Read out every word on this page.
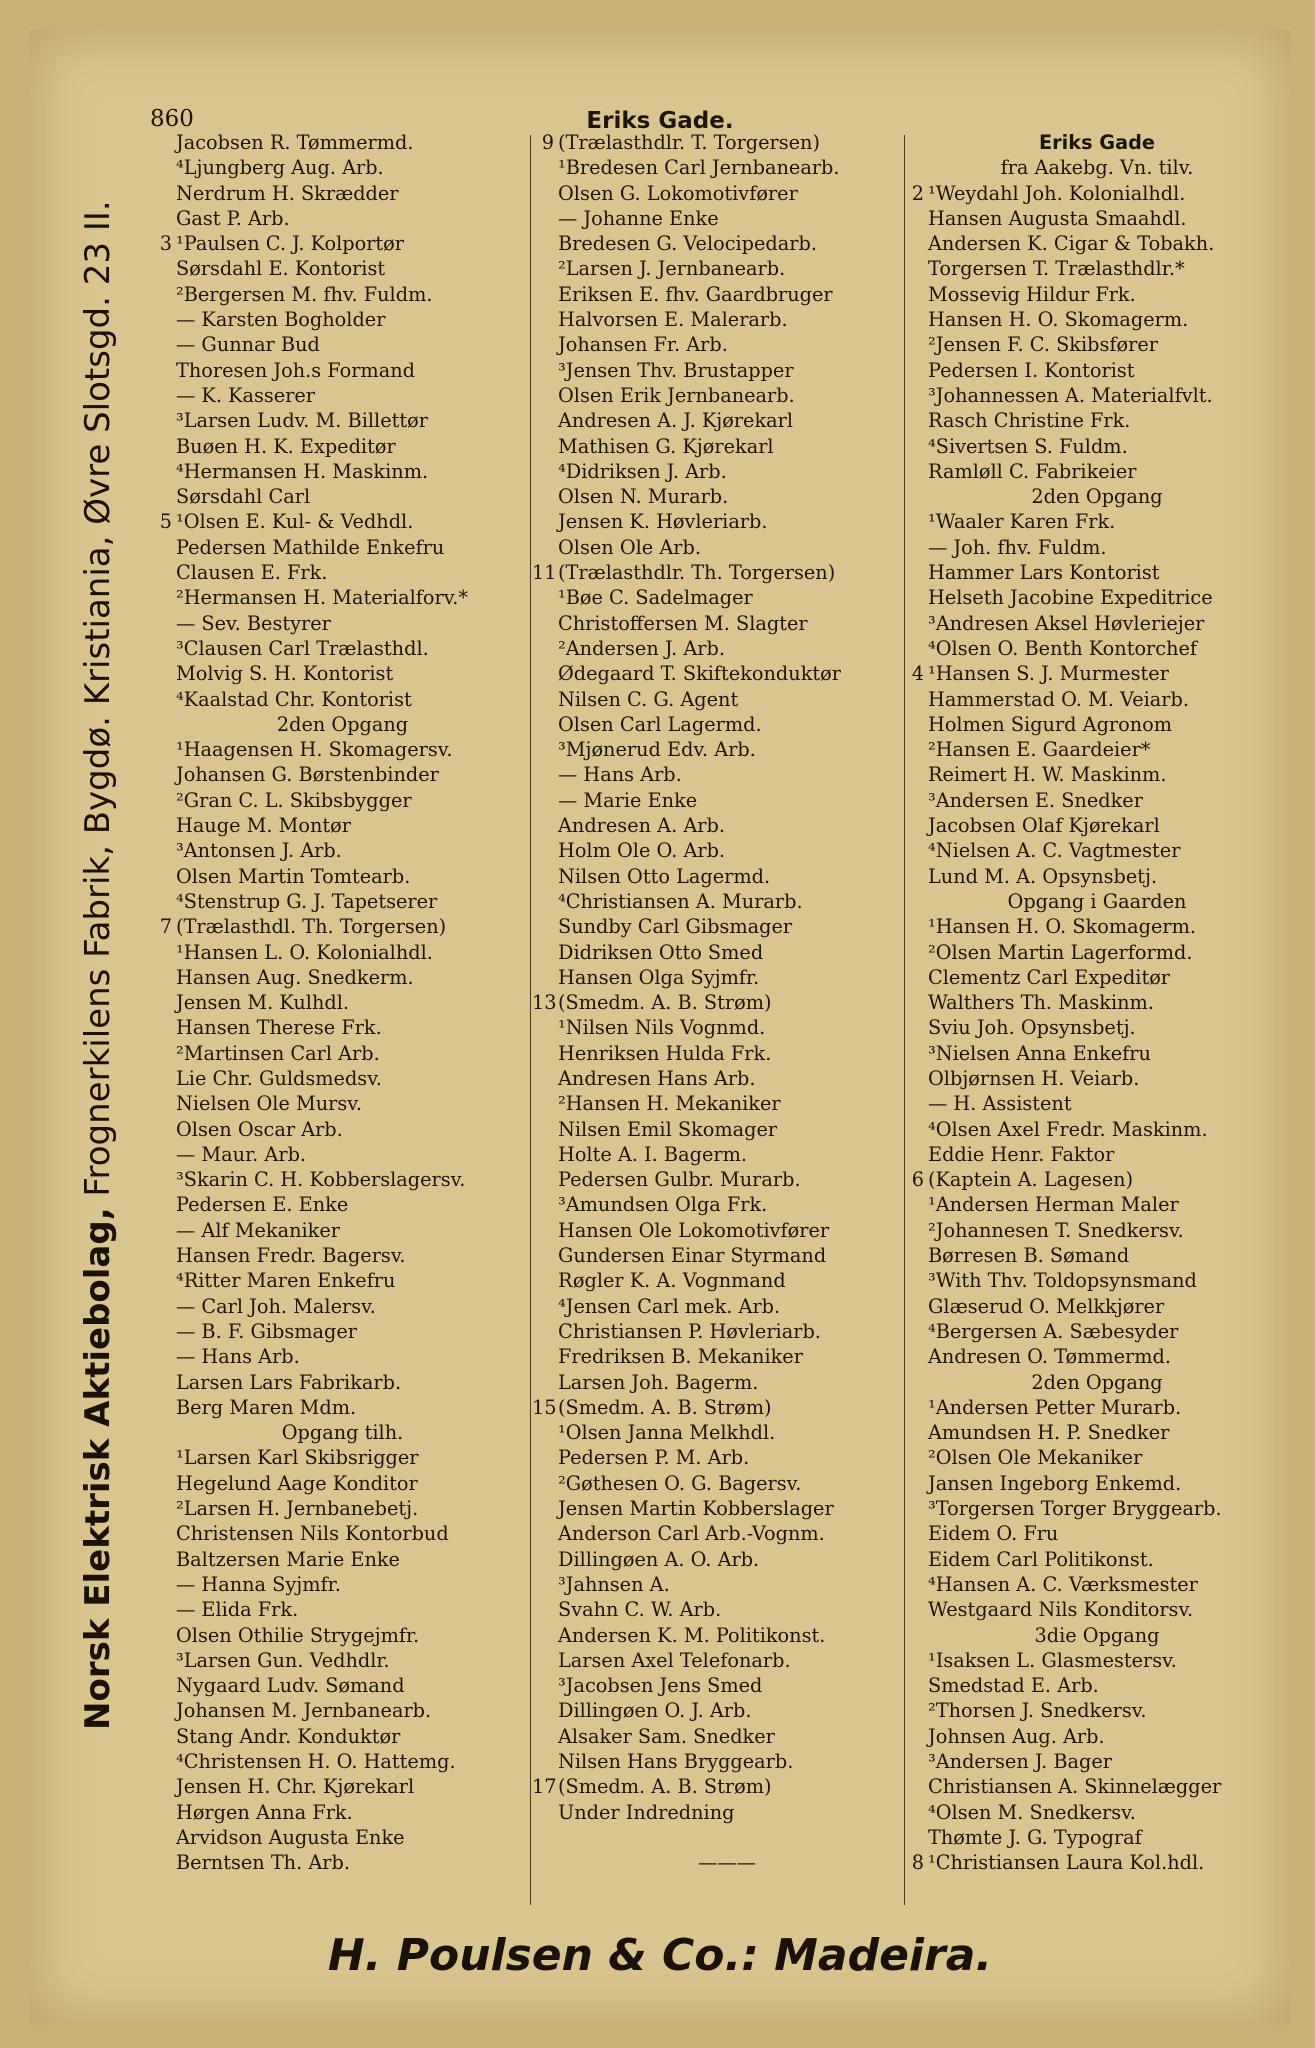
860	Eriks Gade.
Norsk Elektrisk Aktiebolag, Frognerkilens Fabrik, Bygdø. Kristiania, Øvre Slotsgd. 23 II.
Jacobsen R. Tømmermd.
⁴Ljungberg Aug. Arb.
Nerdrum H. Skrædder
Gast P. Arb.
3 ¹Paulsen C. J. Kolportør
Sørsdahl E. Kontorist
²Bergersen M. fhv. Fuldm.
— Karsten Bogholder
— Gunnar Bud
Thoresen Joh.s Formand
— K. Kasserer
³Larsen Ludv. M. Billettør
Buøen H. K. Expeditør
⁴Hermansen H. Maskinm.
Sørsdahl Carl
5 ¹Olsen E. Kul- & Vedhdl.
Pedersen Mathilde Enkefru
Clausen E. Frk.
²Hermansen H. Materialforv.*
— Sev. Bestyrer
³Clausen Carl Trælasthdl.
Molvig S. H. Kontorist
⁴Kaalstad Chr. Kontorist
2den Opgang
¹Haagensen H. Skomagersv.
Johansen G. Børstenbinder
²Gran C. L. Skibsbygger
Hauge M. Montør
³Antonsen J. Arb.
Olsen Martin Tomtearb.
⁴Stenstrup G. J. Tapetserer
7 (Trælasthdl. Th. Torgersen)
¹Hansen L. O. Kolonialhdl.
Hansen Aug. Snedkerm.
Jensen M. Kulhdl.
Hansen Therese Frk.
²Martinsen Carl Arb.
Lie Chr. Guldsmedsv.
Nielsen Ole Mursv.
Olsen Oscar Arb.
— Maur. Arb.
³Skarin C. H. Kobberslagersv.
Pedersen E. Enke
— Alf Mekaniker
Hansen Fredr. Bagersv.
⁴Ritter Maren Enkefru
— Carl Joh. Malersv.
— B. F. Gibsmager
— Hans Arb.
Larsen Lars Fabrikarb.
Berg Maren Mdm.
Opgang tilh.
¹Larsen Karl Skibsrigger
Hegelund Aage Konditor
²Larsen H. Jernbanebetj.
Christensen Nils Kontorbud
Baltzersen Marie Enke
— Hanna Syjmfr.
— Elida Frk.
Olsen Othilie Strygejmfr.
³Larsen Gun. Vedhdlr.
Nygaard Ludv. Sømand
Johansen M. Jernbanearb.
Stang Andr. Konduktør
⁴Christensen H. O. Hattemg.
Jensen H. Chr. Kjørekarl
Hørgen Anna Frk.
Arvidson Augusta Enke
Berntsen Th. Arb.
9 (Trælasthdlr. T. Torgersen)
¹Bredesen Carl Jernbanearb.
Olsen G. Lokomotivfører
— Johanne Enke
Bredesen G. Velocipedarb.
²Larsen J. Jernbanearb.
Eriksen E. fhv. Gaardbruger
Halvorsen E. Malerarb.
Johansen Fr. Arb.
³Jensen Thv. Brustapper
Olsen Erik Jernbanearb.
Andresen A. J. Kjørekarl
Mathisen G. Kjørekarl
⁴Didriksen J. Arb.
Olsen N. Murarb.
Jensen K. Høvleriarb.
Olsen Ole Arb.
11(Trælasthdlr. Th. Torgersen)
¹Bøe C. Sadelmager
Christoffersen M. Slagter
²Andersen J. Arb.
Ødegaard T. Skiftekonduktør
Nilsen C. G. Agent
Olsen Carl Lagermd.
³Mjønerud Edv. Arb.
— Hans Arb.
— Marie Enke
Andresen A. Arb.
Holm Ole O. Arb.
Nilsen Otto Lagermd.
⁴Christiansen A. Murarb.
Sundby Carl Gibsmager
Didriksen Otto Smed
Hansen Olga Syjmfr.
13(Smedm. A. B. Strøm)
¹Nilsen Nils Vognmd.
Henriksen Hulda Frk.
Andresen Hans Arb.
²Hansen H. Mekaniker
Nilsen Emil Skomager
Holte A. I. Bagerm.
Pedersen Gulbr. Murarb.
³Amundsen Olga Frk.
Hansen Ole Lokomotivfører
Gundersen Einar Styrmand
Røgler K. A. Vognmand
⁴Jensen Carl mek. Arb.
Christiansen P. Høvleriarb.
Fredriksen B. Mekaniker
Larsen Joh. Bagerm.
15(Smedm. A. B. Strøm)
¹Olsen Janna Melkhdl.
Pedersen P. M. Arb.
²Gøthesen O. G. Bagersv.
Jensen Martin Kobberslager
Anderson Carl Arb.-Vognm.
Dillingøen A. O. Arb.
³Jahnsen A.
Svahn C. W. Arb.
Andersen K. M. Politikonst.
Larsen Axel Telefonarb.
³Jacobsen Jens Smed
Dillingøen O. J. Arb.
Alsaker Sam. Snedker
Nilsen Hans Bryggearb.
17(Smedm. A. B. Strøm)
Under Indredning
———
Eriks Gade
fra Aakebg. Vn. tilv.
2 ¹Weydahl Joh. Kolonialhdl.
Hansen Augusta Smaahdl.
Andersen K. Cigar & Tobakh.
Torgersen T. Trælasthdlr.*
Mossevig Hildur Frk.
Hansen H. O. Skomagerm.
²Jensen F. C. Skibsfører
Pedersen I. Kontorist
³Johannessen A. Materialfvlt.
Rasch Christine Frk.
⁴Sivertsen S. Fuldm.
Ramløll C. Fabrikeier
2den Opgang
¹Waaler Karen Frk.
— Joh. fhv. Fuldm.
Hammer Lars Kontorist
Helseth Jacobine Expeditrice
³Andresen Aksel Høvleriejer
⁴Olsen O. Benth Kontorchef
4 ¹Hansen S. J. Murmester
Hammerstad O. M. Veiarb.
Holmen Sigurd Agronom
²Hansen E. Gaardeier*
Reimert H. W. Maskinm.
³Andersen E. Snedker
Jacobsen Olaf Kjørekarl
⁴Nielsen A. C. Vagtmester
Lund M. A. Opsynsbetj.
Opgang i Gaarden
¹Hansen H. O. Skomagerm.
²Olsen Martin Lagerformd.
Clementz Carl Expeditør
Walthers Th. Maskinm.
Sviu Joh. Opsynsbetj.
³Nielsen Anna Enkefru
Olbjørnsen H. Veiarb.
— H. Assistent
⁴Olsen Axel Fredr. Maskinm.
Eddie Henr. Faktor
6 (Kaptein A. Lagesen)
¹Andersen Herman Maler
²Johannesen T. Snedkersv.
Børresen B. Sømand
³With Thv. Toldopsynsmand
Glæserud O. Melkkjører
⁴Bergersen A. Sæbesyder
Andresen O. Tømmermd.
2den Opgang
¹Andersen Petter Murarb.
Amundsen H. P. Snedker
²Olsen Ole Mekaniker
Jansen Ingeborg Enkemd.
³Torgersen Torger Bryggearb.
Eidem O. Fru
Eidem Carl Politikonst.
⁴Hansen A. C. Værksmester
Westgaard Nils Konditorsv.
3die Opgang
¹Isaksen L. Glasmestersv.
Smedstad E. Arb.
²Thorsen J. Snedkersv.
Johnsen Aug. Arb.
³Andersen J. Bager
Christiansen A. Skinnelægger
⁴Olsen M. Snedkersv.
Thømte J. G. Typograf
8 ¹Christiansen Laura Kol.hdl.
H. Poulsen & Co.: Madeira.
